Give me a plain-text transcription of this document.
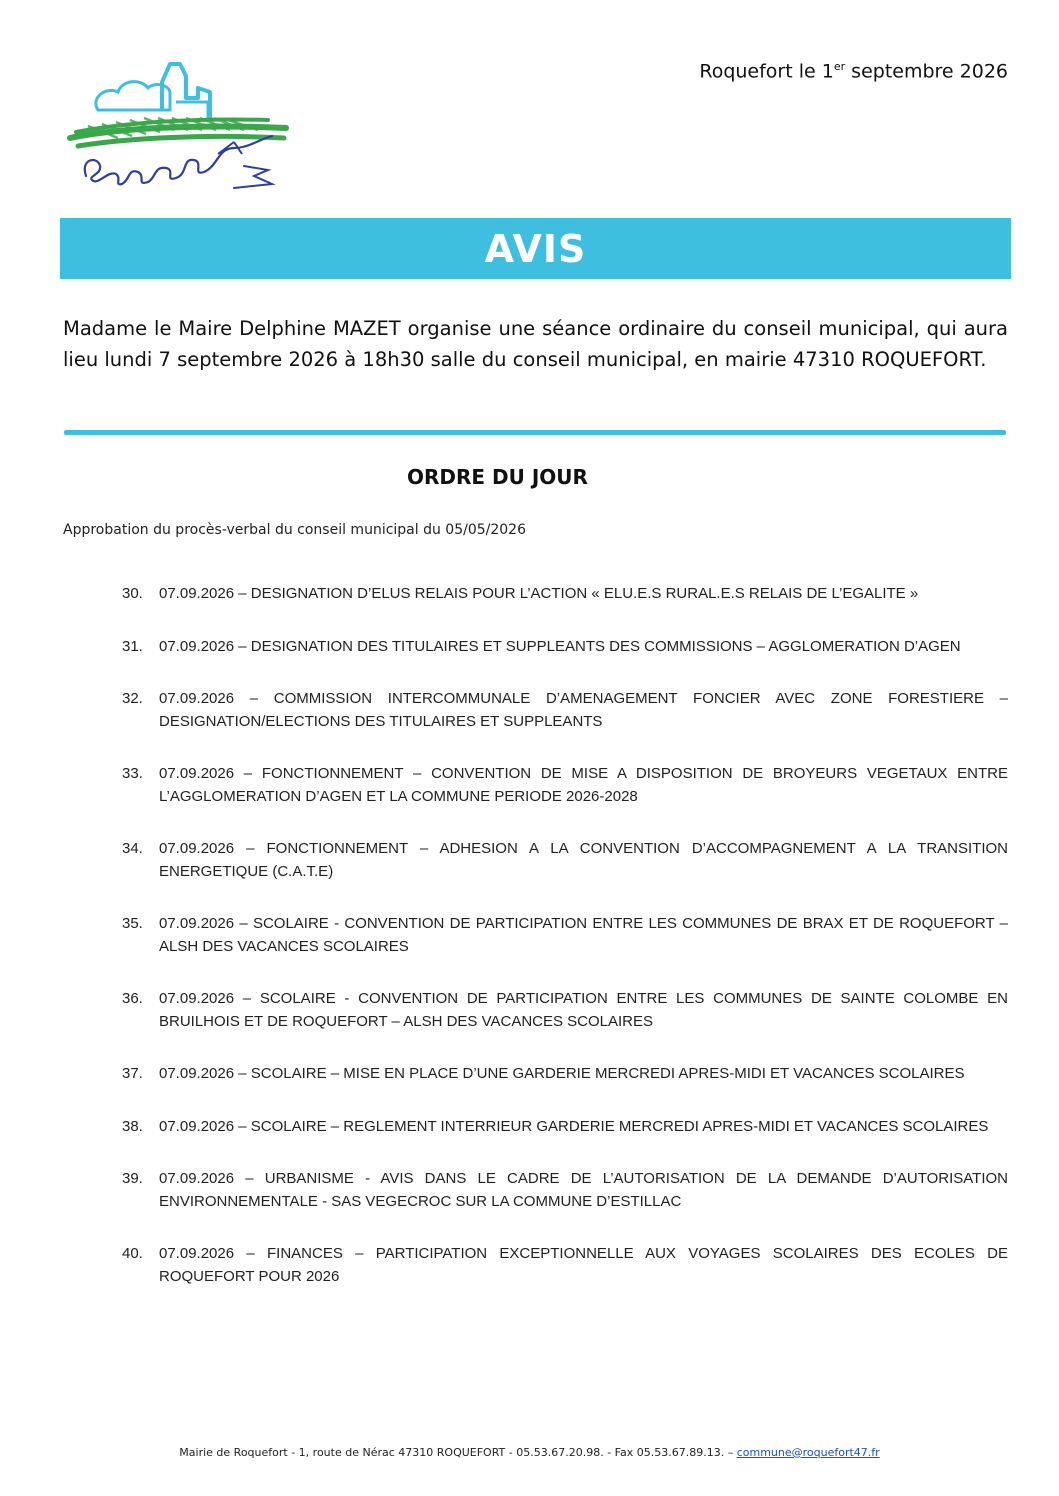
Roquefort le 1er septembre 2026
AVIS

Madame le Maire Delphine MAZET organise une séance ordinaire du conseil municipal, qui aura lieu lundi 7 septembre 2026 à 18h30 salle du conseil municipal, en mairie 47310 ROQUEFORT.

ORDRE DU JOUR
Approbation du procès-verbal du conseil municipal du 05/05/2026
30.	07.09.2026 – DESIGNATION D’ELUS RELAIS POUR L’ACTION « ELU.E.S RURAL.E.S RELAIS DE L’EGALITE »
31.	07.09.2026 – DESIGNATION DES TITULAIRES ET SUPPLEANTS DES COMMISSIONS – AGGLOMERATION D’AGEN
32.	07.09.2026 – COMMISSION INTERCOMMUNALE D’AMENAGEMENT FONCIER AVEC ZONE FORESTIERE – DESIGNATION/ELECTIONS DES TITULAIRES ET SUPPLEANTS
33.	07.09.2026 – FONCTIONNEMENT – CONVENTION DE MISE A DISPOSITION DE BROYEURS VEGETAUX ENTRE L’AGGLOMERATION D’AGEN ET LA COMMUNE PERIODE 2026-2028
34.	07.09.2026 – FONCTIONNEMENT – ADHESION A LA CONVENTION D’ACCOMPAGNEMENT A LA TRANSITION ENERGETIQUE (C.A.T.E)
35.	07.09.2026 – SCOLAIRE - CONVENTION DE PARTICIPATION ENTRE LES COMMUNES DE BRAX ET DE ROQUEFORT – ALSH DES VACANCES SCOLAIRES
36.	07.09.2026 – SCOLAIRE - CONVENTION DE PARTICIPATION ENTRE LES COMMUNES DE SAINTE COLOMBE EN BRUILHOIS ET DE ROQUEFORT – ALSH DES VACANCES SCOLAIRES
37.	07.09.2026 – SCOLAIRE – MISE EN PLACE D’UNE GARDERIE MERCREDI APRES-MIDI ET VACANCES SCOLAIRES
38.	07.09.2026 – SCOLAIRE – REGLEMENT INTERRIEUR GARDERIE MERCREDI APRES-MIDI ET VACANCES SCOLAIRES
39.	07.09.2026 – URBANISME - AVIS DANS LE CADRE DE L’AUTORISATION DE LA DEMANDE D’AUTORISATION ENVIRONNEMENTALE - SAS VEGECROC SUR LA COMMUNE D’ESTILLAC
40.	07.09.2026 – FINANCES – PARTICIPATION EXCEPTIONNELLE AUX VOYAGES SCOLAIRES DES ECOLES DE ROQUEFORT POUR 2026
Mairie de Roquefort - 1, route de Nérac 47310 ROQUEFORT - 05.53.67.20.98. - Fax 05.53.67.89.13. – commune@roquefort47.fr
